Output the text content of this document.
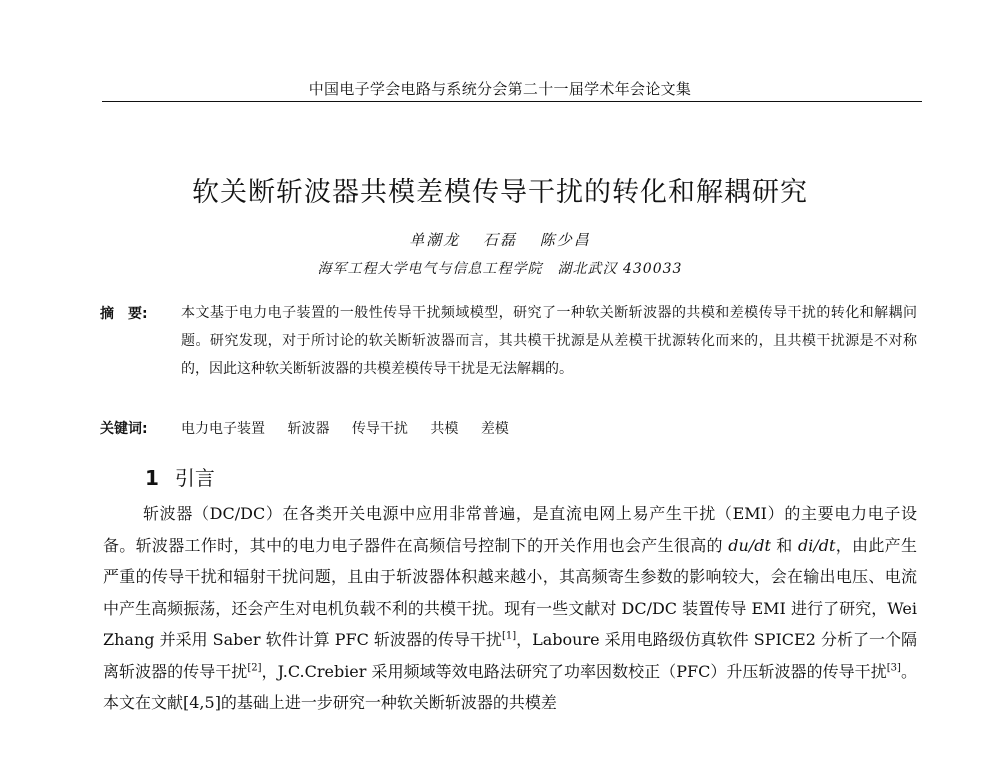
中国电子学会电路与系统分会第二十一届学术年会论文集
软关断斩波器共模差模传导干扰的转化和解耦研究
单潮龙 石磊 陈少昌
海军工程大学电气与信息工程学院　湖北武汉 430033
摘　要: 本文基于电力电子装置的一般性传导干扰频域模型，研究了一种软关断斩波器的共模和差模传导干扰的转化和解耦问题。研究发现，对于所讨论的软关断斩波器而言，其共模干扰源是从差模干扰源转化而来的，且共模干扰源是不对称的，因此这种软关断斩波器的共模差模传导干扰是无法解耦的。
关键词: 电力电子装置 斩波器 传导干扰 共模 差模
1 引言

斩波器（DC/DC）在各类开关电源中应用非常普遍，是直流电网上易产生干扰（EMI）的主要电力电子设备。斩波器工作时，其中的电力电子器件在高频信号控制下的开关作用也会产生很高的 du/dt 和 di/dt，由此产生严重的传导干扰和辐射干扰问题，且由于斩波器体积越来越小，其高频寄生参数的影响较大，会在输出电压、电流中产生高频振荡，还会产生对电机负载不利的共模干扰。现有一些文献对 DC/DC 装置传导 EMI 进行了研究，Wei Zhang 并采用 Saber 软件计算 PFC 斩波器的传导干扰[1]，Laboure 采用电路级仿真软件 SPICE2 分析了一个隔离斩波器的传导干扰[2]，J.C.Crebier 采用频域等效电路法研究了功率因数校正（PFC）升压斩波器的传导干扰[3]。本文在文献[4,5]的基础上进一步研究一种软关断斩波器的共模差
